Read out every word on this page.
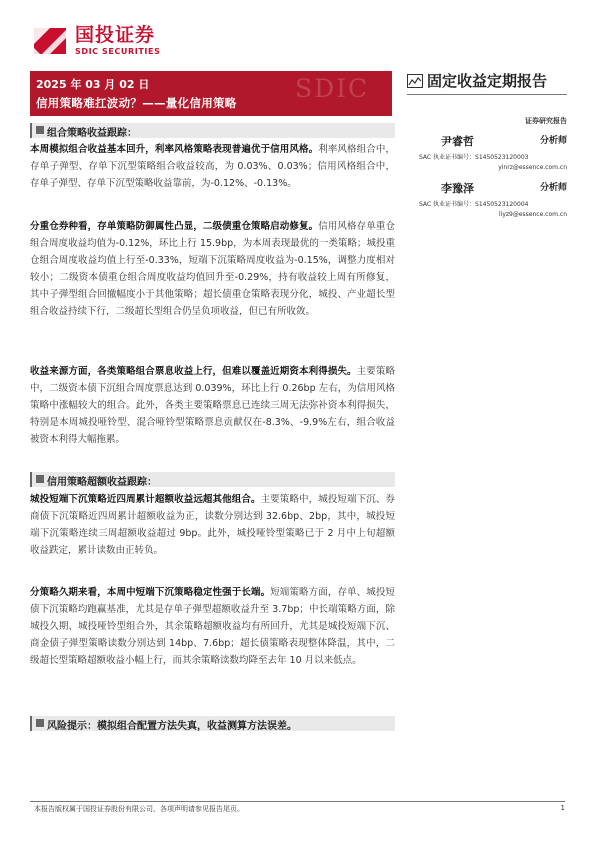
国投证券
SDIC SECURITIES
SDIC
2025 年 03 月 02 日
信用策略难扛波动？——量化信用策略
固定收益定期报告
证券研究报告
尹睿哲	分析师
SAC 执业证书编号：S1450523120003
yinrz@essence.com.cn
李豫泽	分析师
SAC 执业证书编号：S1450523120004
liyz9@essence.com.cn
组合策略收益跟踪：
本周模拟组合收益基本回升，利率风格策略表现普遍优于信用风格。利率风格组合中，存单子弹型、存单下沉型策略组合收益较高，为 0.03%、0.03%；信用风格组合中，存单子弹型、存单下沉型策略收益靠前，为-0.12%、-0.13%。
分重仓券种看，存单策略防御属性凸显，二级债重仓策略启动修复。信用风格存单重仓组合周度收益均值为-0.12%，环比上行 15.9bp，为本周表现最优的一类策略；城投重仓组合周度收益均值上行至-0.33%，短端下沉策略周度收益为-0.15%，调整力度相对较小；二级资本债重仓组合周度收益均值回升至-0.29%，持有收益较上周有所修复，其中子弹型组合回撤幅度小于其他策略；超长债重仓策略表现分化，城投、产业超长型组合收益持续下行，二级超长型组合仍呈负项收益，但已有所收敛。
收益来源方面，各类策略组合票息收益上行，但难以覆盖近期资本利得损失。主要策略中，二级资本债下沉组合周度票息达到 0.039%，环比上行 0.26bp 左右，为信用风格策略中涨幅较大的组合。此外，各类主要策略票息已连续三周无法弥补资本利得损失，特别是本周城投哑铃型、混合哑铃型策略票息贡献仅在-8.3%、-9.9%左右，组合收益被资本利得大幅拖累。
信用策略超额收益跟踪：
城投短端下沉策略近四周累计超额收益远超其他组合。主要策略中，城投短端下沉、券商债下沉策略近四周累计超额收益为正，读数分别达到 32.6bp、2bp，其中，城投短端下沉策略连续三周超额收益超过 9bp。此外，城投哑铃型策略已于 2 月中上旬超额收益跌定，累计读数由正转负。
分策略久期来看，本周中短端下沉策略稳定性强于长端。短端策略方面，存单、城投短债下沉策略均跑赢基准，尤其是存单子弹型超额收益升至 3.7bp；中长端策略方面，除城投久期、城投哑铃型组合外，其余策略超额收益均有所回升，尤其是城投短端下沉、商金债子弹型策略读数分别达到 14bp、7.6bp；超长债策略表现整体降温，其中，二级超长型策略超额收益小幅上行，而其余策略读数均降至去年 10 月以来低点。
风险提示：模拟组合配置方法失真，收益测算方法误差。
本报告版权属于国投证券股份有限公司，各项声明请参见报告尾页。	1
